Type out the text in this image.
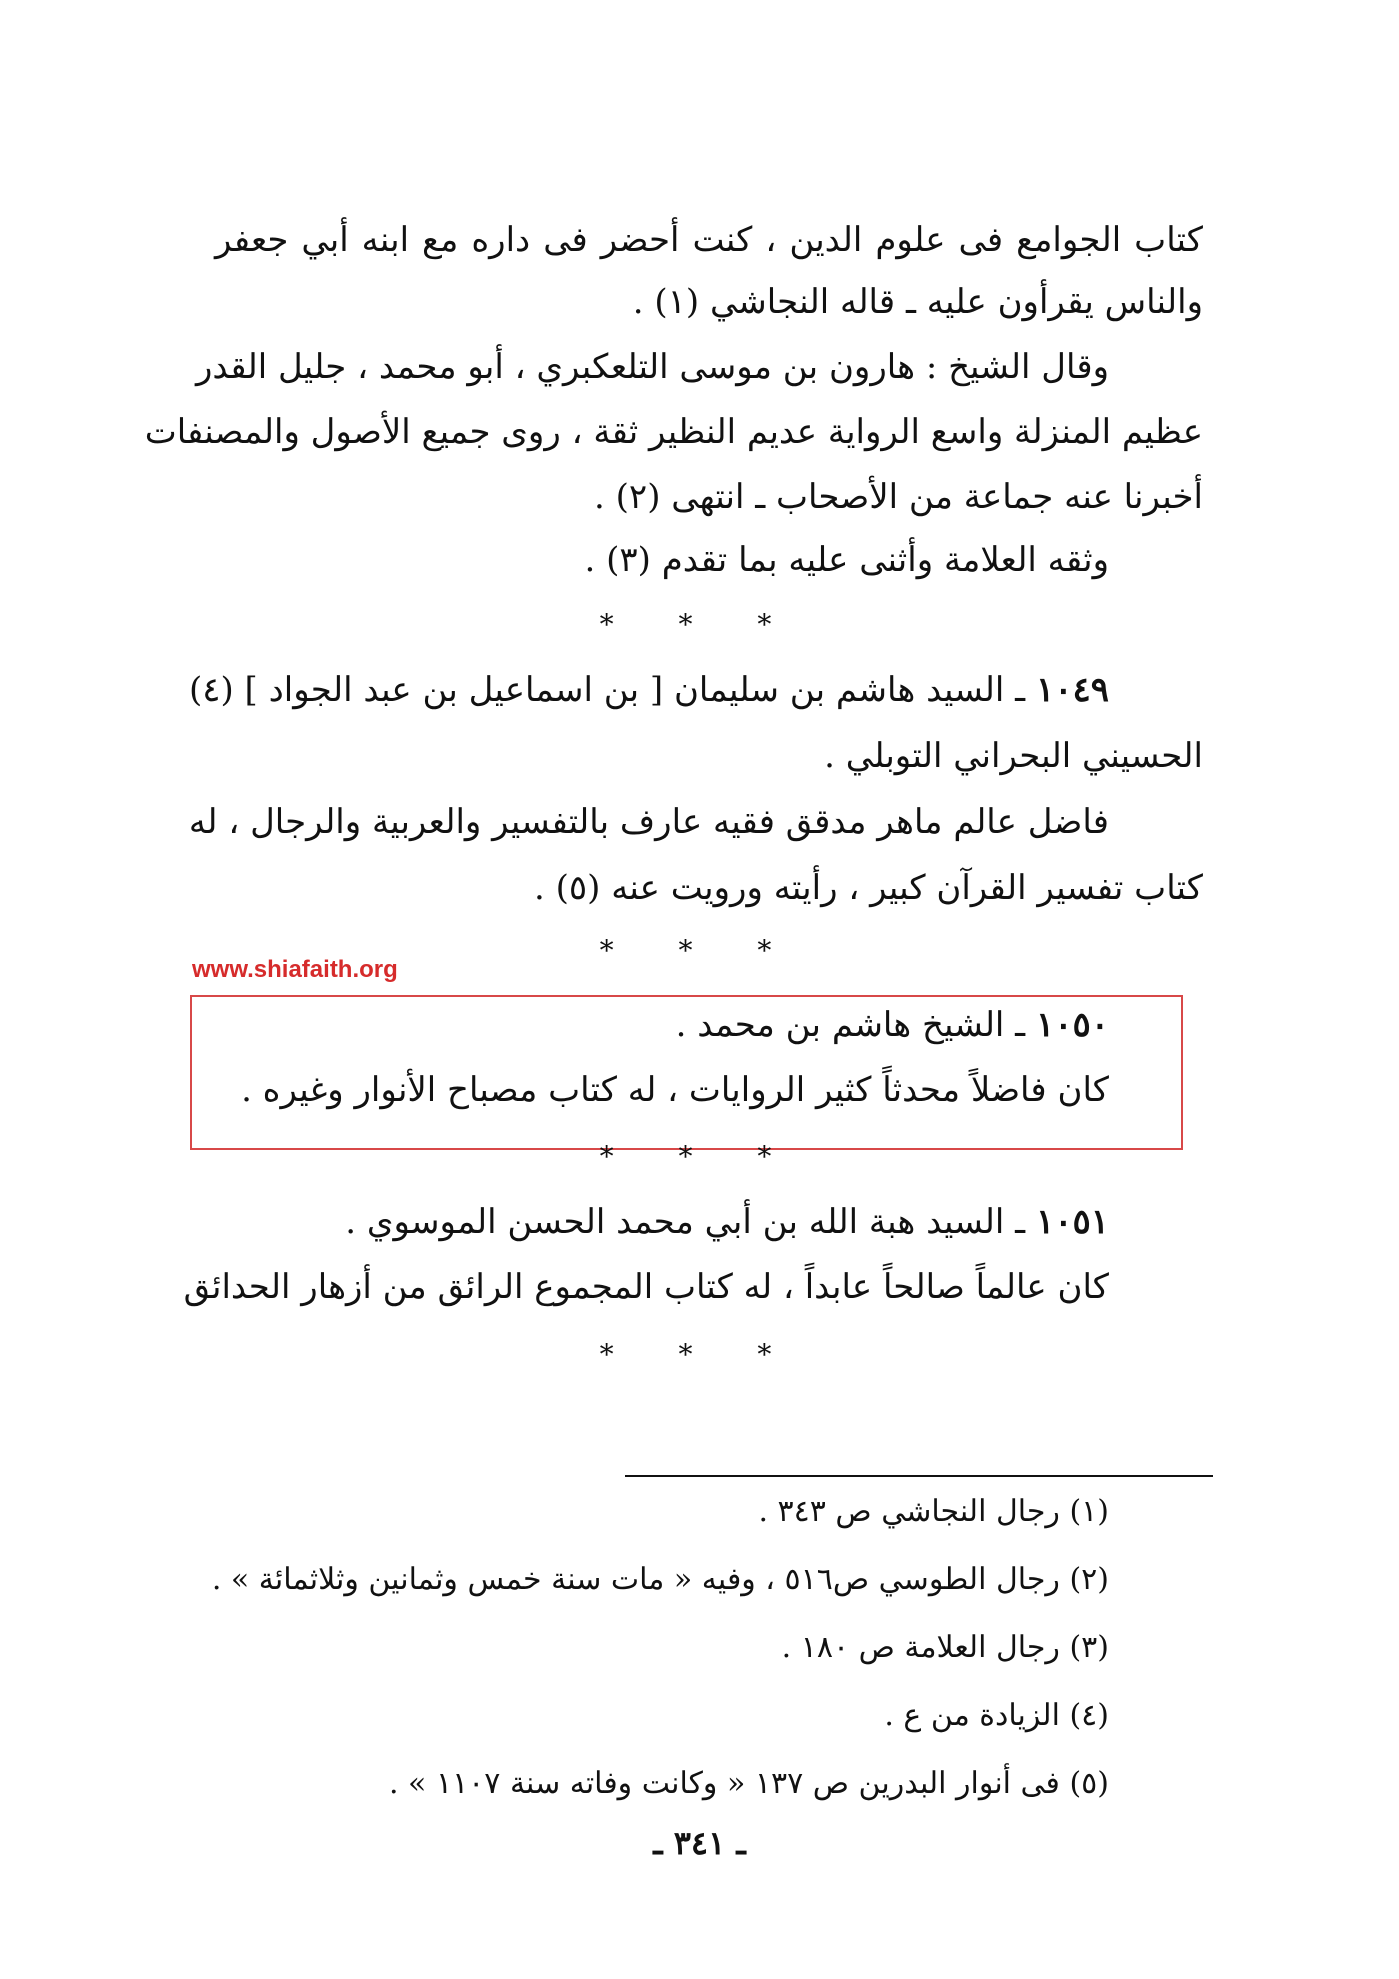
كتاب الجوامع فى علوم الدين ، كنت أحضر فى داره مع ابنه أبي جعفر
والناس يقرأون عليه ـ قاله النجاشي (١) .
وقال الشيخ : هارون بن موسى التلعكبري ، أبو محمد ، جليل القدر
عظيم المنزلة واسع الرواية عديم النظير ثقة ، روى جميع الأصول والمصنفات
أخبرنا عنه جماعة من الأصحاب ـ انتهى (٢) .
وثقه العلامة وأثنى عليه بما تقدم (٣) .
* * *
١٠٤٩ ـ السيد هاشم بن سليمان [ بن اسماعيل بن عبد الجواد ] (٤)
الحسيني البحراني التوبلي .
فاضل عالم ماهر مدقق فقيه عارف بالتفسير والعربية والرجال ، له
كتاب تفسير القرآن كبير ، رأيته ورويت عنه (٥) .
* * *
www.shiafaith.org
١٠٥٠ ـ الشيخ هاشم بن محمد .
كان فاضلاً محدثاً كثير الروايات ، له كتاب مصباح الأنوار وغيره .
* * *
١٠٥١ ـ السيد هبة الله بن أبي محمد الحسن الموسوي .
كان عالماً صالحاً عابداً ، له كتاب المجموع الرائق من أزهار الحدائق
* * *
(١) رجال النجاشي ص ٣٤٣ .
(٢) رجال الطوسي ص٥١٦ ، وفيه « مات سنة خمس وثمانين وثلاثمائة » .
(٣) رجال العلامة ص ١٨٠ .
(٤) الزيادة من ع .
(٥) فى أنوار البدرين ص ١٣٧ « وكانت وفاته سنة ١١٠٧ » .
ـ ٣٤١ ـ
